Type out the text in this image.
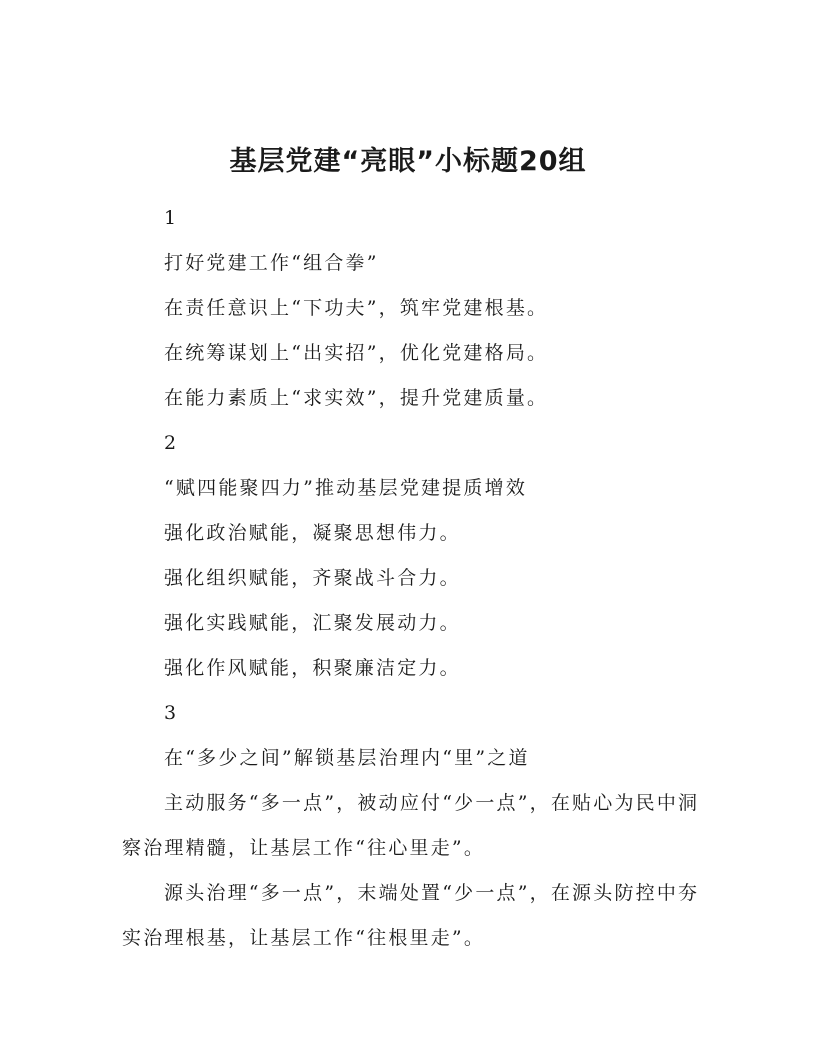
基层党建“亮眼”小标题20组
1
打好党建工作“组合拳”
在责任意识上“下功夫”，筑牢党建根基。
在统筹谋划上“出实招”，优化党建格局。
在能力素质上“求实效”，提升党建质量。
2
“赋四能聚四力”推动基层党建提质增效
强化政治赋能，凝聚思想伟力。
强化组织赋能，齐聚战斗合力。
强化实践赋能，汇聚发展动力。
强化作风赋能，积聚廉洁定力。
3
在“多少之间”解锁基层治理内“里”之道
主动服务“多一点”，被动应付“少一点”，在贴心为民中洞察治理精髓，让基层工作“往心里走”。
源头治理“多一点”，末端处置“少一点”，在源头防控中夯实治理根基，让基层工作“往根里走”。
